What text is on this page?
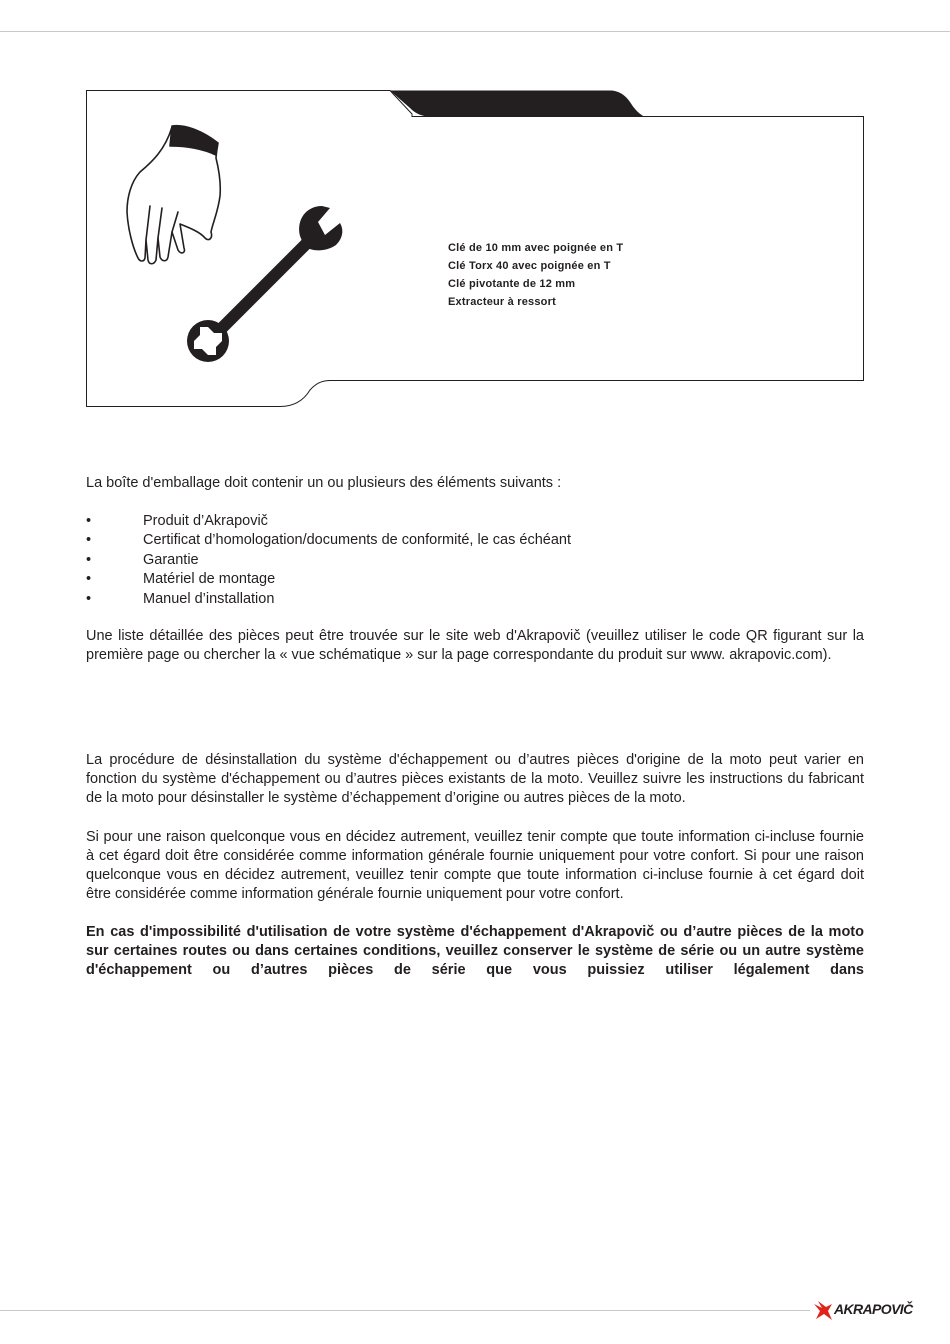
Clé de 10 mm avec poignée en T
Clé Torx 40 avec poignée en T
Clé pivotante de 12 mm
Extracteur à ressort
La boîte d'emballage doit contenir un ou plusieurs des éléments suivants :
•	Produit d’Akrapovič
•	Certificat d’homologation/documents de conformité, le cas échéant
•	Garantie
•	Matériel de montage
•	Manuel d’installation
Une liste détaillée des pièces peut être trouvée sur le site web d'Akrapovič (veuillez utiliser le code QR figurant sur la première page ou chercher la « vue schématique » sur la page correspondante du produit sur www. akrapovic.com).
La procédure de désinstallation du système d'échappement ou d’autres pièces d'origine de la moto peut varier en fonction du système d'échappement ou d’autres pièces existants de la moto. Veuillez suivre les instructions du fabricant de la moto pour désinstaller le système d’échappement d’origine ou autres pièces de la moto.
Si pour une raison quelconque vous en décidez autrement, veuillez tenir compte que toute information ci-incluse fournie à cet égard doit être considérée comme information générale fournie uniquement pour votre confort. Si pour une raison quelconque vous en décidez autrement, veuillez tenir compte que toute information ci-incluse fournie à cet égard doit être considérée comme information générale fournie uniquement pour votre confort.
En cas d'impossibilité d'utilisation de votre système d'échappement d'Akrapovič ou d’autre pièces de la moto sur certaines routes ou dans certaines conditions, veuillez conserver le système de série ou un autre système d'échappement ou d’autres pièces de série que vous puissiez utiliser légalement dans
AKRAPOVIČ
